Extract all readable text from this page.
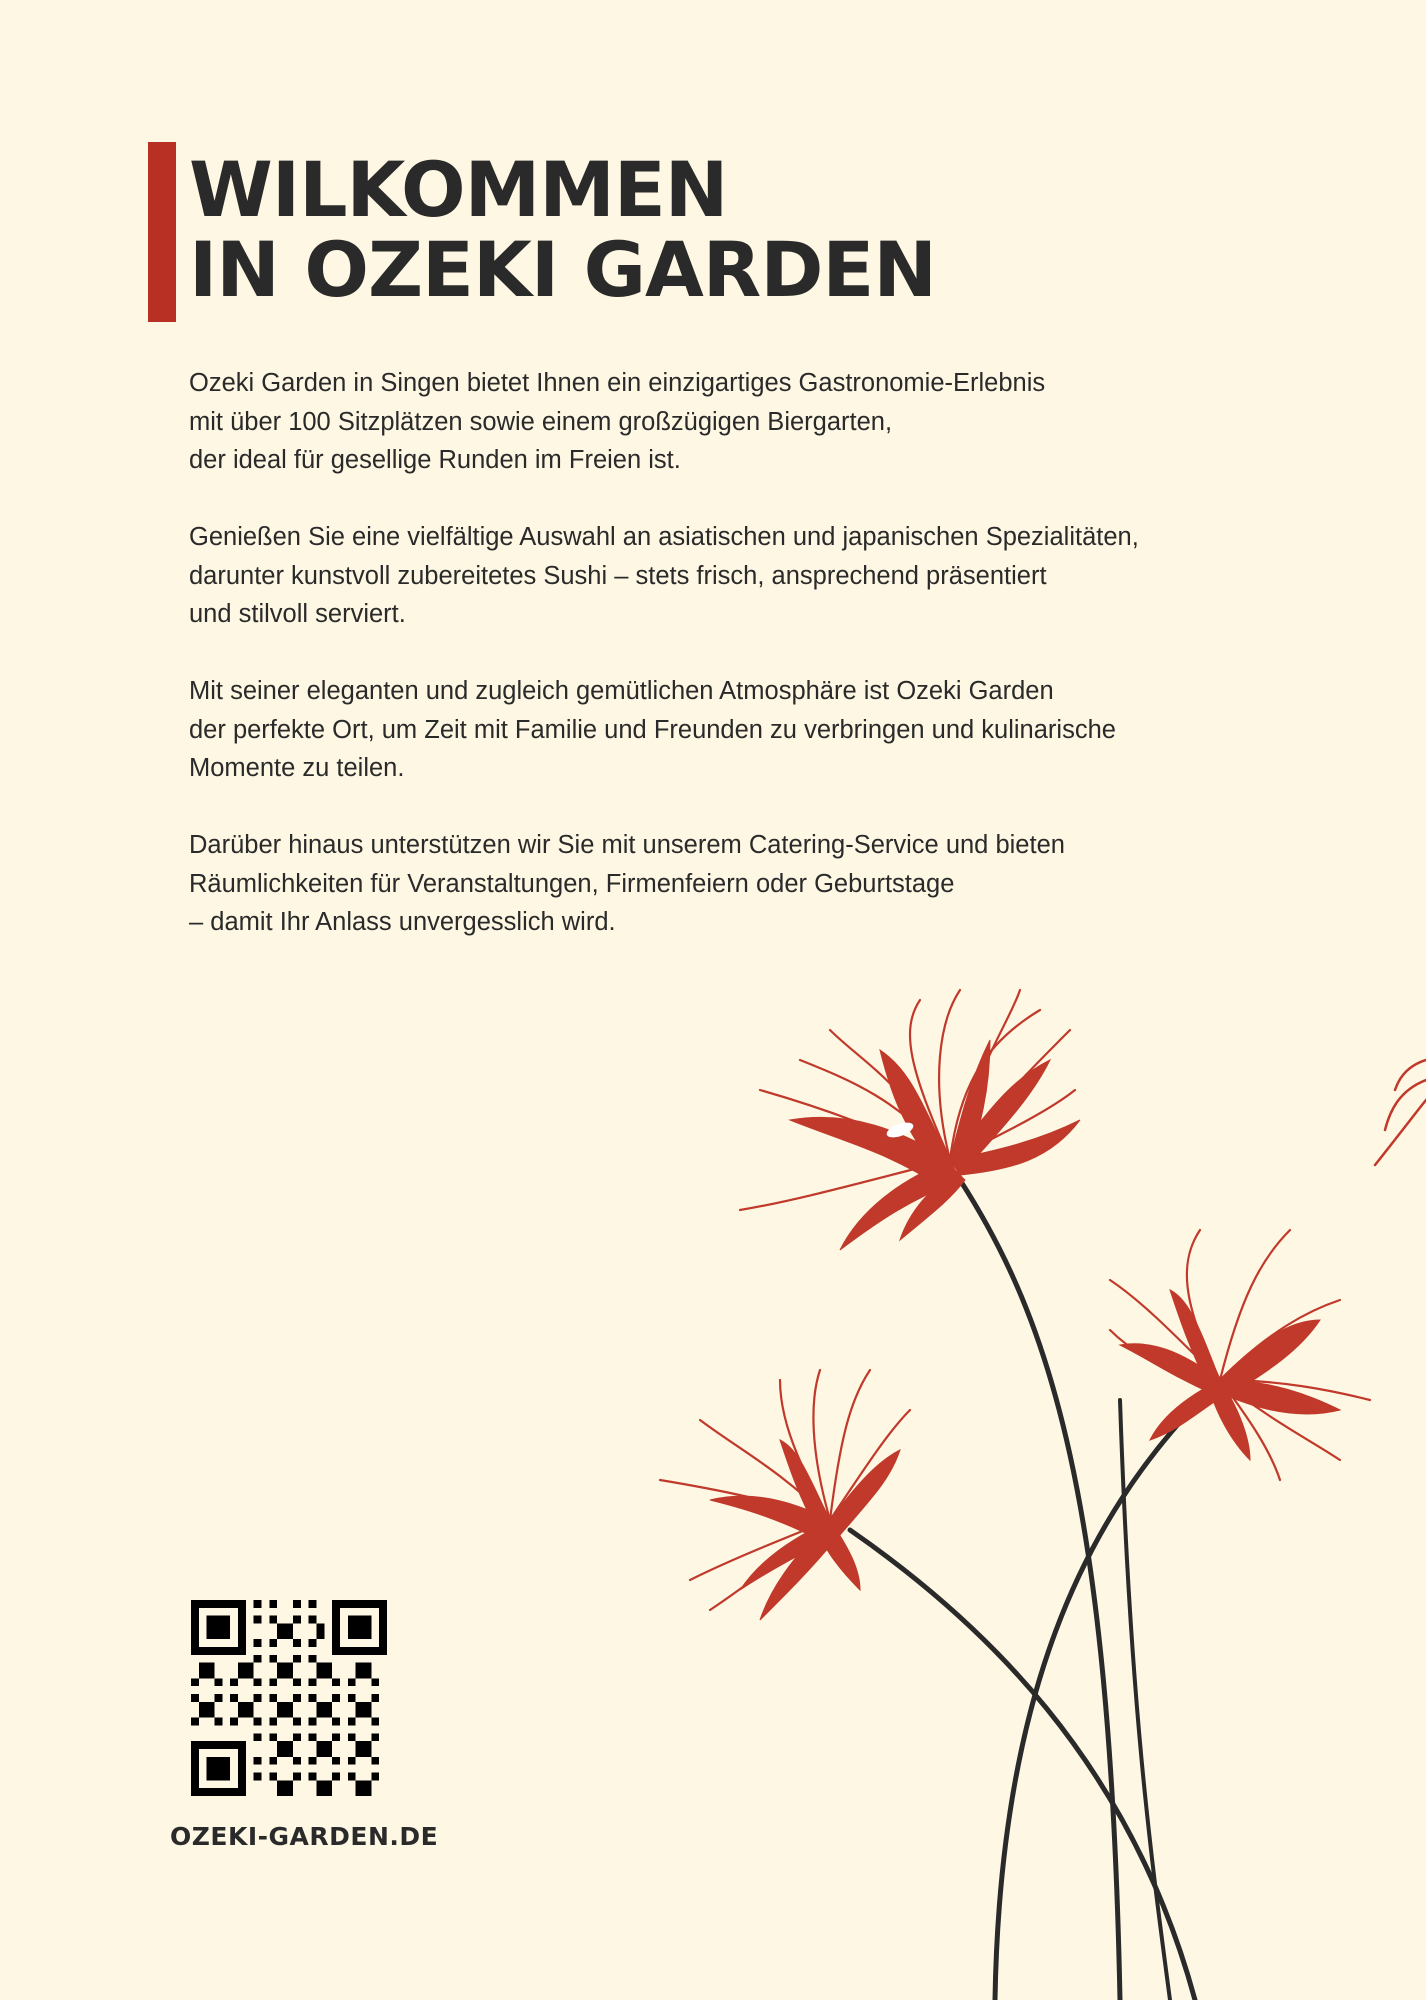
WILKOMMEN
IN OZEKI GARDEN

Ozeki Garden in Singen bietet Ihnen ein einzigartiges Gastronomie-Erlebnis
mit über 100 Sitzplätzen sowie einem großzügigen Biergarten,
der ideal für gesellige Runden im Freien ist.

Genießen Sie eine vielfältige Auswahl an asiatischen und japanischen Spezialitäten,
darunter kunstvoll zubereitetes Sushi – stets frisch, ansprechend präsentiert
und stilvoll serviert.

Mit seiner eleganten und zugleich gemütlichen Atmosphäre ist Ozeki Garden
der perfekte Ort, um Zeit mit Familie und Freunden zu verbringen und kulinarische
Momente zu teilen.

Darüber hinaus unterstützen wir Sie mit unserem Catering-Service und bieten
Räumlichkeiten für Veranstaltungen, Firmenfeiern oder Geburtstage
– damit Ihr Anlass unvergesslich wird.

OZEKI-GARDEN.DE
